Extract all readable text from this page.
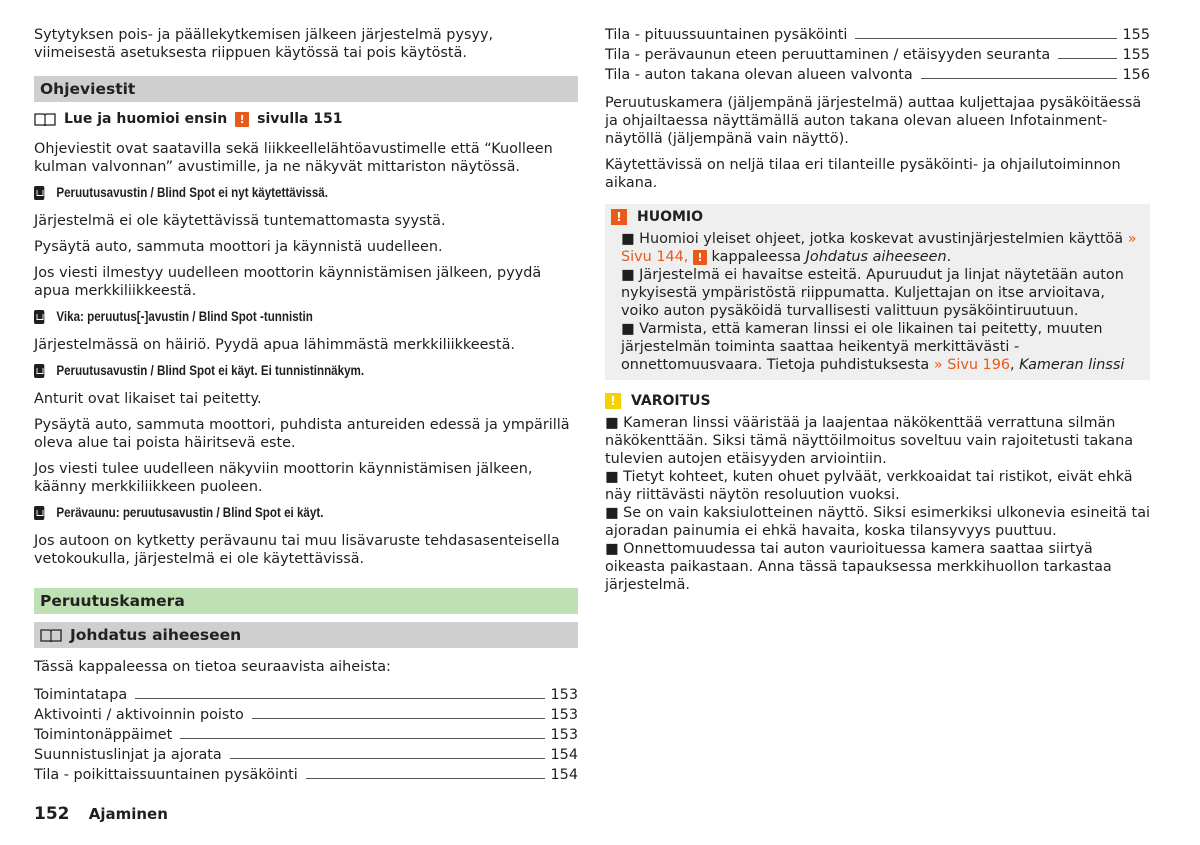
Sytytyksen pois- ja päällekytkemisen jälkeen järjestelmä pysyy, viimeisestä asetuksesta riippuen käytössä tai pois käytöstä.

Ohjeviestit
Lue ja huomioi ensin	! sivulla 151

Ohjeviestit ovat saatavilla sekä liikkeellelähtöavustimelle että “Kuolleen kulman valvonnan” avustimille, ja ne näkyvät mittariston näytössä.

Peruutusavustin / Blind Spot ei nyt käytettävissä.

Järjestelmä ei ole käytettävissä tuntemattomasta syystä.

Pysäytä auto, sammuta moottori ja käynnistä uudelleen.

Jos viesti ilmestyy uudelleen moottorin käynnistämisen jälkeen, pyydä apua merkkiliikkeestä.

Vika: peruutus[-]avustin / Blind Spot -tunnistin

Järjestelmässä on häiriö. Pyydä apua lähimmästä merkkiliikkeestä.

Peruutusavustin / Blind Spot ei käyt. Ei tunnistinnäkym.

Anturit ovat likaiset tai peitetty.

Pysäytä auto, sammuta moottori, puhdista antureiden edessä ja ympärillä oleva alue tai poista häiritsevä este.

Jos viesti tulee uudelleen näkyviin moottorin käynnistämisen jälkeen, käänny merkkiliikkeen puoleen.

Perävaunu: peruutusavustin / Blind Spot ei käyt.

Jos autoon on kytketty perävaunu tai muu lisävaruste tehdasasenteisella vetokoukulla, järjestelmä ei ole käytettävissä.

Peruutuskamera
Johdatus aiheeseen

Tässä kappaleessa on tietoa seuraavista aiheista:

Toimintatapa	153
Aktivointi / aktivoinnin poisto	153
Toimintonäppäimet	153
Suunnistuslinjat ja ajorata	154
Tila - poikittaissuuntainen pysäköinti	154
Tila - pituussuuntainen pysäköinti	155
Tila - perävaunun eteen peruuttaminen / etäisyyden seuranta	155
Tila - auton takana olevan alueen valvonta	156

Peruutuskamera (jäljempänä järjestelmä) auttaa kuljettajaa pysäköitäessä ja ohjailtaessa näyttämällä auton takana olevan alueen Infotainment-näytöllä (jäljempänä vain näyttö).

Käytettävissä on neljä tilaa eri tilanteille pysäköinti- ja ohjailutoiminnon aikana.

!	HUOMIO

■ Huomioi yleiset ohjeet, jotka koskevat avustinjärjestelmien käyttöä » Sivu 144, ! kappaleessa Johdatus aiheeseen.

■ Järjestelmä ei havaitse esteitä. Apuruudut ja linjat näytetään auton nykyisestä ympäristöstä riippumatta. Kuljettajan on itse arvioitava, voiko auton pysäköidä turvallisesti valittuun pysäköintiruutuun.

■ Varmista, että kameran linssi ei ole likainen tai peitetty, muuten järjestelmän toiminta saattaa heikentyä merkittävästi - onnettomuusvaara. Tietoja puhdistuksesta » Sivu 196, Kameran linssi

!	VAROITUS

■ Kameran linssi vääristää ja laajentaa näkökenttää verrattuna silmän näkökenttään. Siksi tämä näyttöilmoitus soveltuu vain rajoitetusti takana tulevien autojen etäisyyden arviointiin.

■ Tietyt kohteet, kuten ohuet pylväät, verkkoaidat tai ristikot, eivät ehkä näy riittävästi näytön resoluution vuoksi.

■ Se on vain kaksiulotteinen näyttö. Siksi esimerkiksi ulkonevia esineitä tai ajoradan painumia ei ehkä havaita, koska tilansyvyys puuttuu.

■ Onnettomuudessa tai auton vaurioituessa kamera saattaa siirtyä oikeasta paikastaan. Anna tässä tapauksessa merkkihuollon tarkastaa järjestelmä.

152 Ajaminen
